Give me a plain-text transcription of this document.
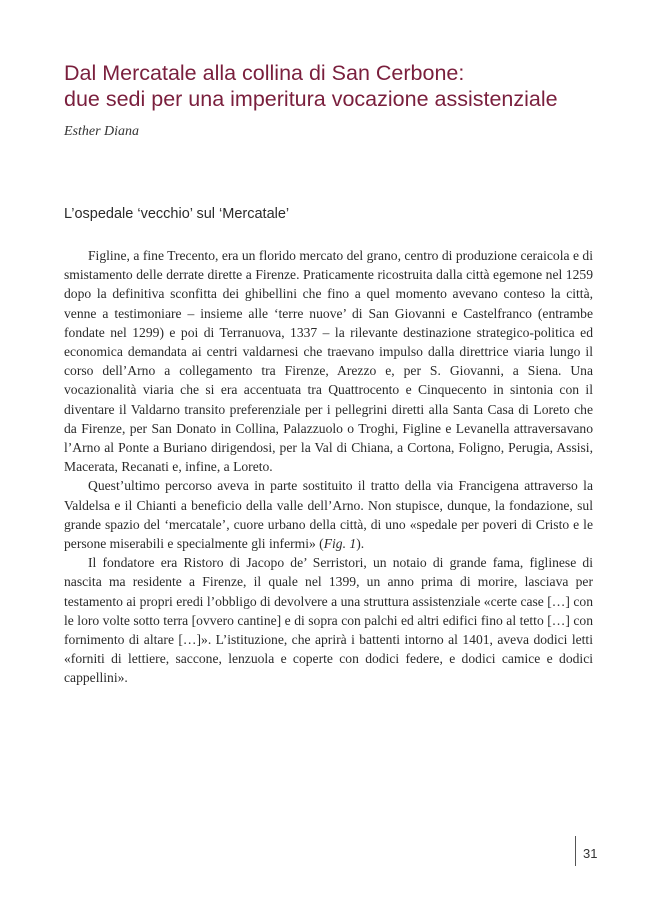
Dal Mercatale alla collina di San Cerbone:
due sedi per una imperitura vocazione assistenziale
Esther Diana
L’ospedale ‘vecchio’ sul ‘Mercatale’

Figline, a fine Trecento, era un florido mercato del grano, centro di produzione ceraicola e di smistamento delle derrate dirette a Firenze. Praticamente ricostruita dalla città egemone nel 1259 dopo la definitiva sconfitta dei ghibellini che fino a quel momento avevano conteso la città, venne a testimoniare – insieme alle ‘terre nuove’ di San Giovanni e Castelfranco (entrambe fondate nel 1299) e poi di Terranuova, 1337 – la rilevante destinazione strategico-politica ed economica demandata ai centri valdarnesi che traevano impulso dalla direttrice viaria lungo il corso dell’Arno a collegamento tra Firenze, Arezzo e, per S. Giovanni, a Siena. Una vocazionalità viaria che si era accentuata tra Quattrocento e Cinquecento in sintonia con il diventare il Valdarno transito preferenziale per i pellegrini diretti alla Santa Casa di Loreto che da Firenze, per San Donato in Collina, Palazzuolo o Troghi, Figline e Levanella attraversavano l’Arno al Ponte a Buriano dirigendosi, per la Val di Chiana, a Cortona, Foligno, Perugia, Assisi, Macerata, Recanati e, infine, a Loreto.

Quest’ultimo percorso aveva in parte sostituito il tratto della via Francigena attraverso la Valdelsa e il Chianti a beneficio della valle dell’Arno. Non stupisce, dunque, la fondazione, sul grande spazio del ‘mercatale’, cuore urbano della città, di uno «spedale per poveri di Cristo e le persone miserabili e specialmente gli infermi» (Fig. 1).

Il fondatore era Ristoro di Jacopo de’ Serristori, un notaio di grande fama, figlinese di nascita ma residente a Firenze, il quale nel 1399, un anno prima di morire, lasciava per testamento ai propri eredi l’obbligo di devolvere a una struttura assistenziale «certe case […] con le loro volte sotto terra [ovvero cantine] e di sopra con palchi ed altri edifici fino al tetto […] con fornimento di altare […]». L’istituzione, che aprirà i battenti intorno al 1401, aveva dodici letti «forniti di lettiere, saccone, lenzuola e coperte con dodici federe, e dodici camice e dodici cappellini».

31
